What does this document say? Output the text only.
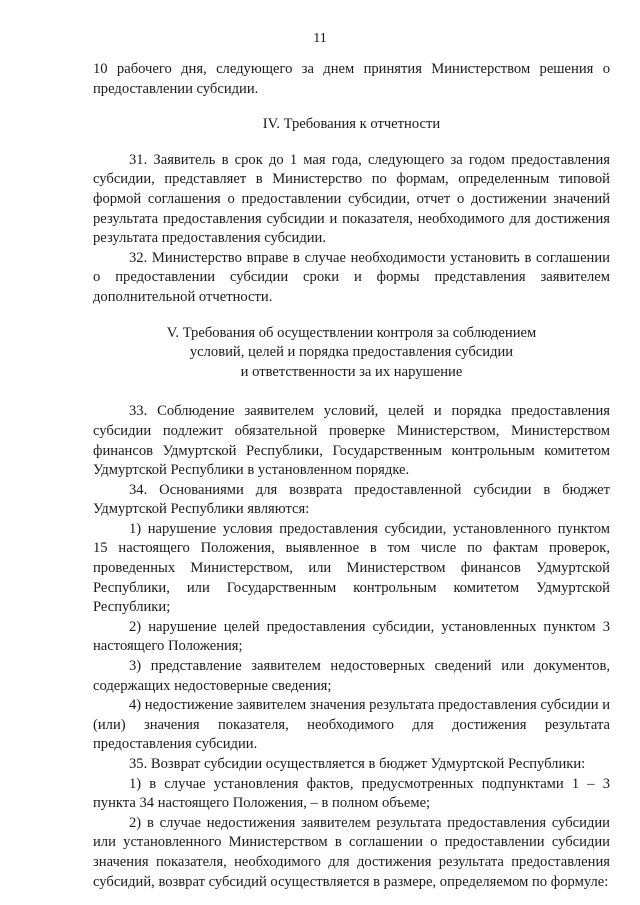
11

10 рабочего дня, следующего за днем принятия Министерством решения о предоставлении субсидии.

IV. Требования к отчетности

31. Заявитель в срок до 1 мая года, следующего за годом предоставления субсидии, представляет в Министерство по формам, определенным типовой формой соглашения о предоставлении субсидии, отчет о достижении значений результата предоставления субсидии и показателя, необходимого для достижения результата предоставления субсидии.

32. Министерство вправе в случае необходимости установить в соглашении о предоставлении субсидии сроки и формы представления заявителем дополнительной отчетности.

V. Требования об осуществлении контроля за соблюдением

условий, целей и порядка предоставления субсидии

и ответственности за их нарушение

33. Соблюдение заявителем условий, целей и порядка предоставления субсидии подлежит обязательной проверке Министерством, Министерством финансов Удмуртской Республики, Государственным контрольным комитетом Удмуртской Республики в установленном порядке.

34. Основаниями для возврата предоставленной субсидии в бюджет Удмуртской Республики являются:

1) нарушение условия предоставления субсидии, установленного пунктом 15 настоящего Положения, выявленное в том числе по фактам проверок, проведенных Министерством, или Министерством финансов Удмуртской Республики, или Государственным контрольным комитетом Удмуртской Республики;

2) нарушение целей предоставления субсидии, установленных пунктом 3 настоящего Положения;

3) представление заявителем недостоверных сведений или документов, содержащих недостоверные сведения;

4) недостижение заявителем значения результата предоставления субсидии и (или) значения показателя, необходимого для достижения результата предоставления субсидии.

35. Возврат субсидии осуществляется в бюджет Удмуртской Республики:

1) в случае установления фактов, предусмотренных подпунктами 1 – 3 пункта 34 настоящего Положения, – в полном объеме;

2) в случае недостижения заявителем результата предоставления субсидии или установленного Министерством в соглашении о предоставлении субсидии значения показателя, необходимого для достижения результата предоставления субсидий, возврат субсидий осуществляется в размере, определяемом по формуле:
